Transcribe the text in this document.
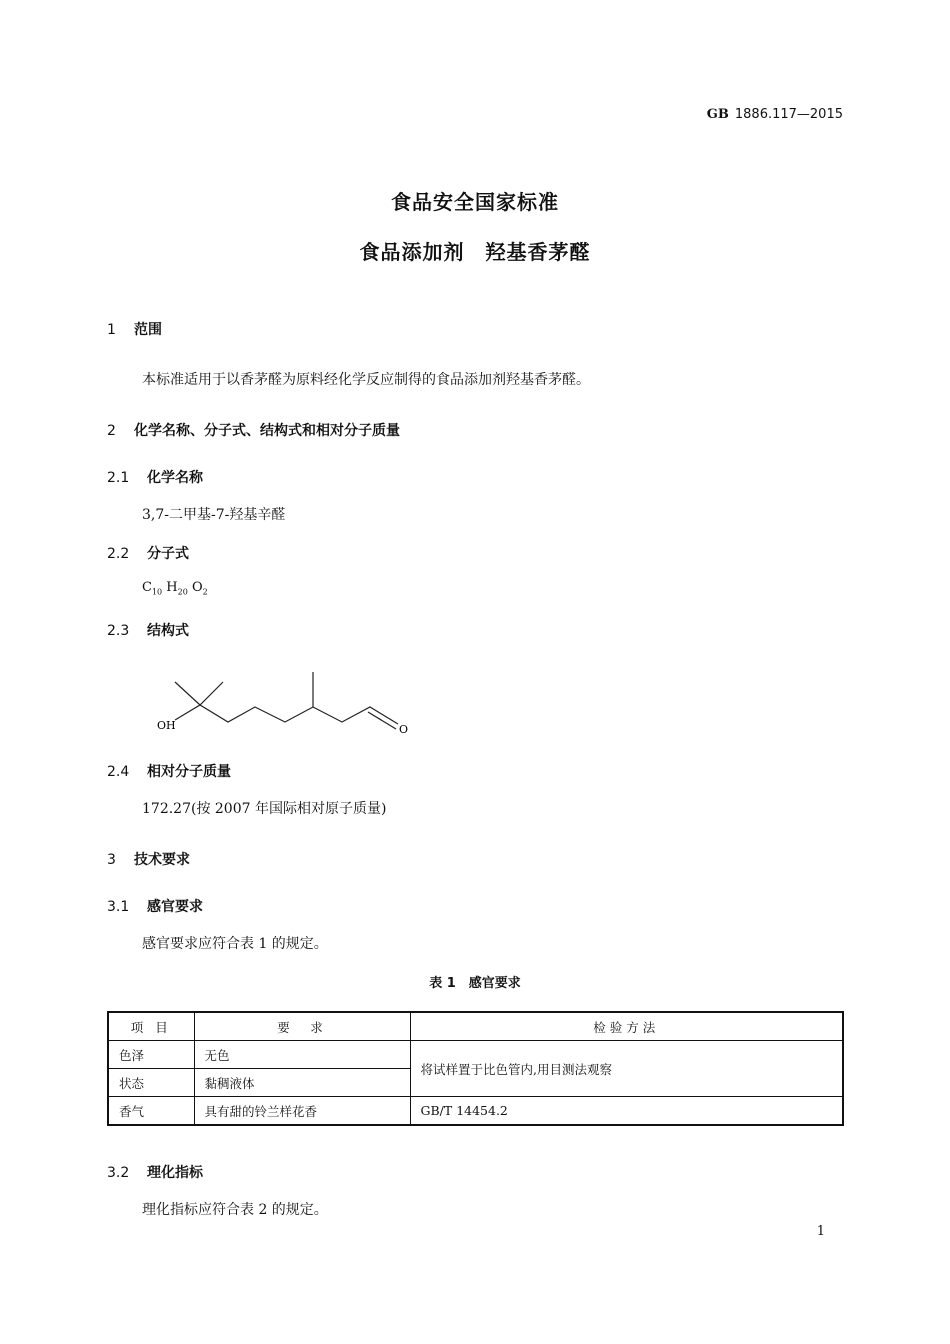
GB 1886.117—2015
食品安全国家标准
食品添加剂　羟基香茅醛
1 范围
本标准适用于以香茅醛为原料经化学反应制得的食品添加剂羟基香茅醛。
2 化学名称、分子式、结构式和相对分子质量
2.1 化学名称
3,7-二甲基-7-羟基辛醛
2.2 分子式
$C_{10}$ $H_{20}$ $O_2$
2.3 结构式
OH	O
2.4 相对分子质量
172.27(按 2007 年国际相对原子质量)
3 技术要求
3.1 感官要求
感官要求应符合表 1 的规定。
表 1　感官要求
项 目	要　求	检验方法
色泽	无色	将试样置于比色管内,用目测法观察
状态	黏稠液体	
香气	具有甜的铃兰样花香	GB/T 14454.2
3.2 理化指标
理化指标应符合表 2 的规定。
1
